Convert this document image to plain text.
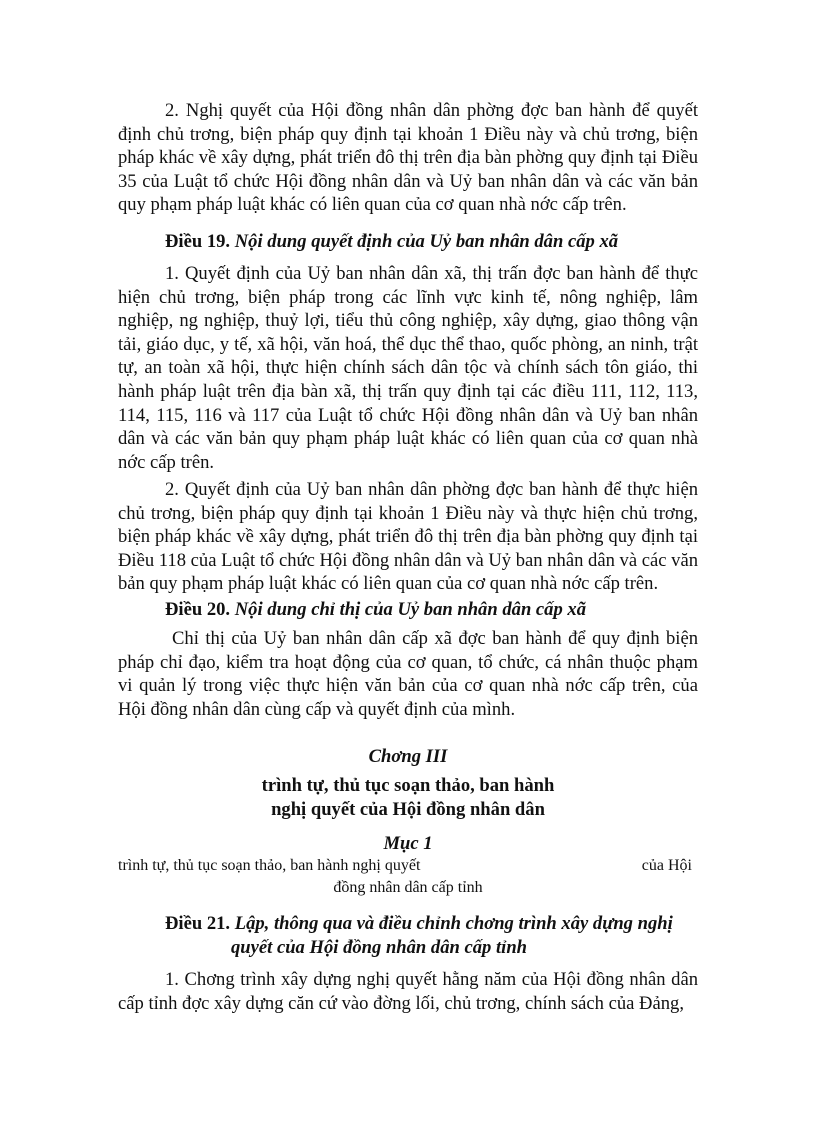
2. Nghị quyết của Hội đồng nhân dân phờng đợc ban hành để quyết định chủ trơng, biện pháp quy định tại khoản 1 Điều này và chủ trơng, biện pháp khác về xây dựng, phát triển đô thị trên địa bàn phờng quy định tại Điều 35 của Luật tổ chức Hội đồng nhân dân và Uỷ ban nhân dân và các văn bản quy phạm pháp luật khác có liên quan của cơ quan nhà nớc cấp trên.

Điều 19. Nội dung quyết định của Uỷ ban nhân dân cấp xã

1. Quyết định của Uỷ ban nhân dân xã, thị trấn đợc ban hành để thực hiện chủ trơng, biện pháp trong các lĩnh vực kinh tế, nông nghiệp, lâm nghiệp, ng nghiệp, thuỷ lợi, tiểu thủ công nghiệp, xây dựng, giao thông vận tải, giáo dục, y tế, xã hội, văn hoá, thể dục thể thao, quốc phòng, an ninh, trật tự, an toàn xã hội, thực hiện chính sách dân tộc và chính sách tôn giáo, thi hành pháp luật trên địa bàn xã, thị trấn quy định tại các điều 111, 112, 113, 114, 115, 116 và 117 của Luật tổ chức Hội đồng nhân dân và Uỷ ban nhân dân và các văn bản quy phạm pháp luật khác có liên quan của cơ quan nhà nớc cấp trên.

2. Quyết định của Uỷ ban nhân dân phờng đợc ban hành để thực hiện chủ trơng, biện pháp quy định tại khoản 1 Điều này và thực hiện chủ trơng, biện pháp khác về xây dựng, phát triển đô thị trên địa bàn phờng quy định tại Điều 118 của Luật tổ chức Hội đồng nhân dân và Uỷ ban nhân dân và các văn bản quy phạm pháp luật khác có liên quan của cơ quan nhà nớc cấp trên.

Điều 20. Nội dung chỉ thị của Uỷ ban nhân dân cấp xã

Chỉ thị của Uỷ ban nhân dân cấp xã đợc ban hành để quy định biện pháp chỉ đạo, kiểm tra hoạt động của cơ quan, tổ chức, cá nhân thuộc phạm vi quản lý trong việc thực hiện văn bản của cơ quan nhà nớc cấp trên, của Hội đồng nhân dân cùng cấp và quyết định của mình.

Chơng III

trình tự, thủ tục soạn thảo, ban hành

nghị quyết của Hội đồng nhân dân

Mục 1

trình tự, thủ tục soạn thảo, ban hành nghị quyết	của Hội
đồng nhân dân cấp tỉnh
Điều 21. Lập, thông qua và điều chỉnh chơng trình xây dựng nghị
quyết của Hội đồng nhân dân cấp tỉnh

1. Chơng trình xây dựng nghị quyết hằng năm của Hội đồng nhân dân cấp tỉnh đợc xây dựng căn cứ vào đờng lối, chủ trơng, chính sách của Đảng,
